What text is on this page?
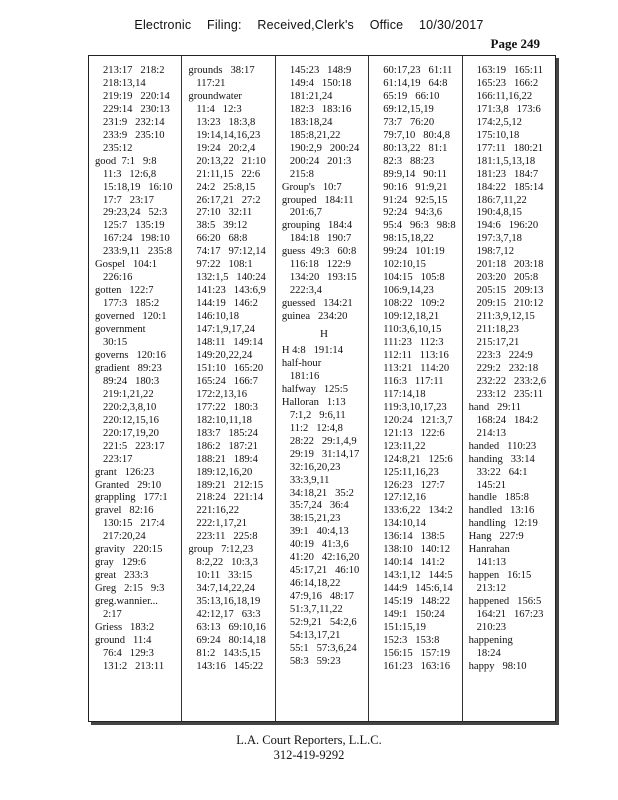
Electronic Filing: Received,Clerk's Office 10/30/2017
Page 249
213:17   218:2
218:13,14
219:19   220:14
229:14   230:13
231:9   232:14
233:9   235:10
235:12
good  7:1   9:8
11:3   12:6,8
15:18,19   16:10
17:7   23:17
29:23,24   52:3
125:7   135:19
167:24   198:10
233:9,11   235:8
Gospel   104:1
226:16
gotten   122:7
177:3   185:2
governed   120:1
government
30:15
governs   120:16
gradient   89:23
89:24   180:3
219:1,21,22
220:2,3,8,10
220:12,15,16
220:17,19,20
221:5   223:17
223:17
grant   126:23
Granted   29:10
grappling   177:1
gravel   82:16
130:15   217:4
217:20,24
gravity   220:15
gray   129:6
great   233:3
Greg   2:15   9:3
greg.wannier...
2:17
Griess   183:2
ground   11:4
76:4   129:3
131:2   213:11
grounds   38:17
117:21
groundwater
11:4   12:3
13:23   18:3,8
19:14,14,16,23
19:24   20:2,4
20:13,22   21:10
21:11,15   22:6
24:2   25:8,15
26:17,21   27:2
27:10   32:11
38:5   39:12
66:20   68:8
74:17   97:12,14
97:22   108:1
132:1,5   140:24
141:23   143:6,9
144:19   146:2
146:10,18
147:1,9,17,24
148:11   149:14
149:20,22,24
151:10   165:20
165:24   166:7
172:2,13,16
177:22   180:3
182:10,11,18
183:7   185:24
186:2   187:21
188:21   189:4
189:12,16,20
189:21   212:15
218:24   221:14
221:16,22
222:1,17,21
223:11   225:8
group   7:12,23
8:2,22   10:3,3
10:11   33:15
34:7,14,22,24
35:13,16,18,19
42:12,17   63:3
63:13   69:10,16
69:24   80:14,18
81:2   143:5,15
143:16   145:22
145:23   148:9
149:4   150:18
181:21,24
182:3   183:16
183:18,24
185:8,21,22
190:2,9   200:24
200:24   201:3
215:8
Group's   10:7
grouped   184:11
201:6,7
grouping   184:4
184:18   190:7
guess  49:3   60:8
116:18   122:9
134:20   193:15
222:3,4
guessed   134:21
guinea   234:20
H
H 4:8   191:14
half-hour
181:16
halfway   125:5
Halloran   1:13
7:1,2   9:6,11
11:2   12:4,8
28:22   29:1,4,9
29:19   31:14,17
32:16,20,23
33:3,9,11
34:18,21   35:2
35:7,24   36:4
38:15,21,23
39:1   40:4,13
40:19   41:3,6
41:20   42:16,20
45:17,21   46:10
46:14,18,22
47:9,16   48:17
51:3,7,11,22
52:9,21   54:2,6
54:13,17,21
55:1   57:3,6,24
58:3   59:23
60:17,23   61:11
61:14,19   64:8
65:19   66:10
69:12,15,19
73:7   76:20
79:7,10   80:4,8
80:13,22   81:1
82:3   88:23
89:9,14   90:11
90:16   91:9,21
91:24   92:5,15
92:24   94:3,6
95:4   96:3   98:8
98:15,18,22
99:24   101:19
102:10,15
104:15   105:8
106:9,14,23
108:22   109:2
109:12,18,21
110:3,6,10,15
111:23   112:3
112:11   113:16
113:21   114:20
116:3   117:11
117:14,18
119:3,10,17,23
120:24   121:3,7
121:13   122:6
123:11,22
124:8,21   125:6
125:11,16,23
126:23   127:7
127:12,16
133:6,22   134:2
134:10,14
136:14   138:5
138:10   140:12
140:14   141:2
143:1,12   144:5
144:9   145:6,14
145:19   148:22
149:1   150:24
151:15,19
152:3   153:8
156:15   157:19
161:23   163:16
163:19   165:11
165:23   166:2
166:11,16,22
171:3,8   173:6
174:2,5,12
175:10,18
177:11   180:21
181:1,5,13,18
181:23   184:7
184:22   185:14
186:7,11,22
190:4,8,15
194:6   196:20
197:3,7,18
198:7,12
201:18   203:18
203:20   205:8
205:15   209:13
209:15   210:12
211:3,9,12,15
211:18,23
215:17,21
223:3   224:9
229:2   232:18
232:22   233:2,6
233:12   235:11
hand   29:11
168:24   184:2
214:13
handed   110:23
handing   33:14
33:22   64:1
145:21
handle   185:8
handled   13:16
handling   12:19
Hang   227:9
Hanrahan
141:13
happen   16:15
213:12
happened   156:5
164:21   167:23
210:23
happening
18:24
happy   98:10
L.A. Court Reporters, L.L.C.
312-419-9292
